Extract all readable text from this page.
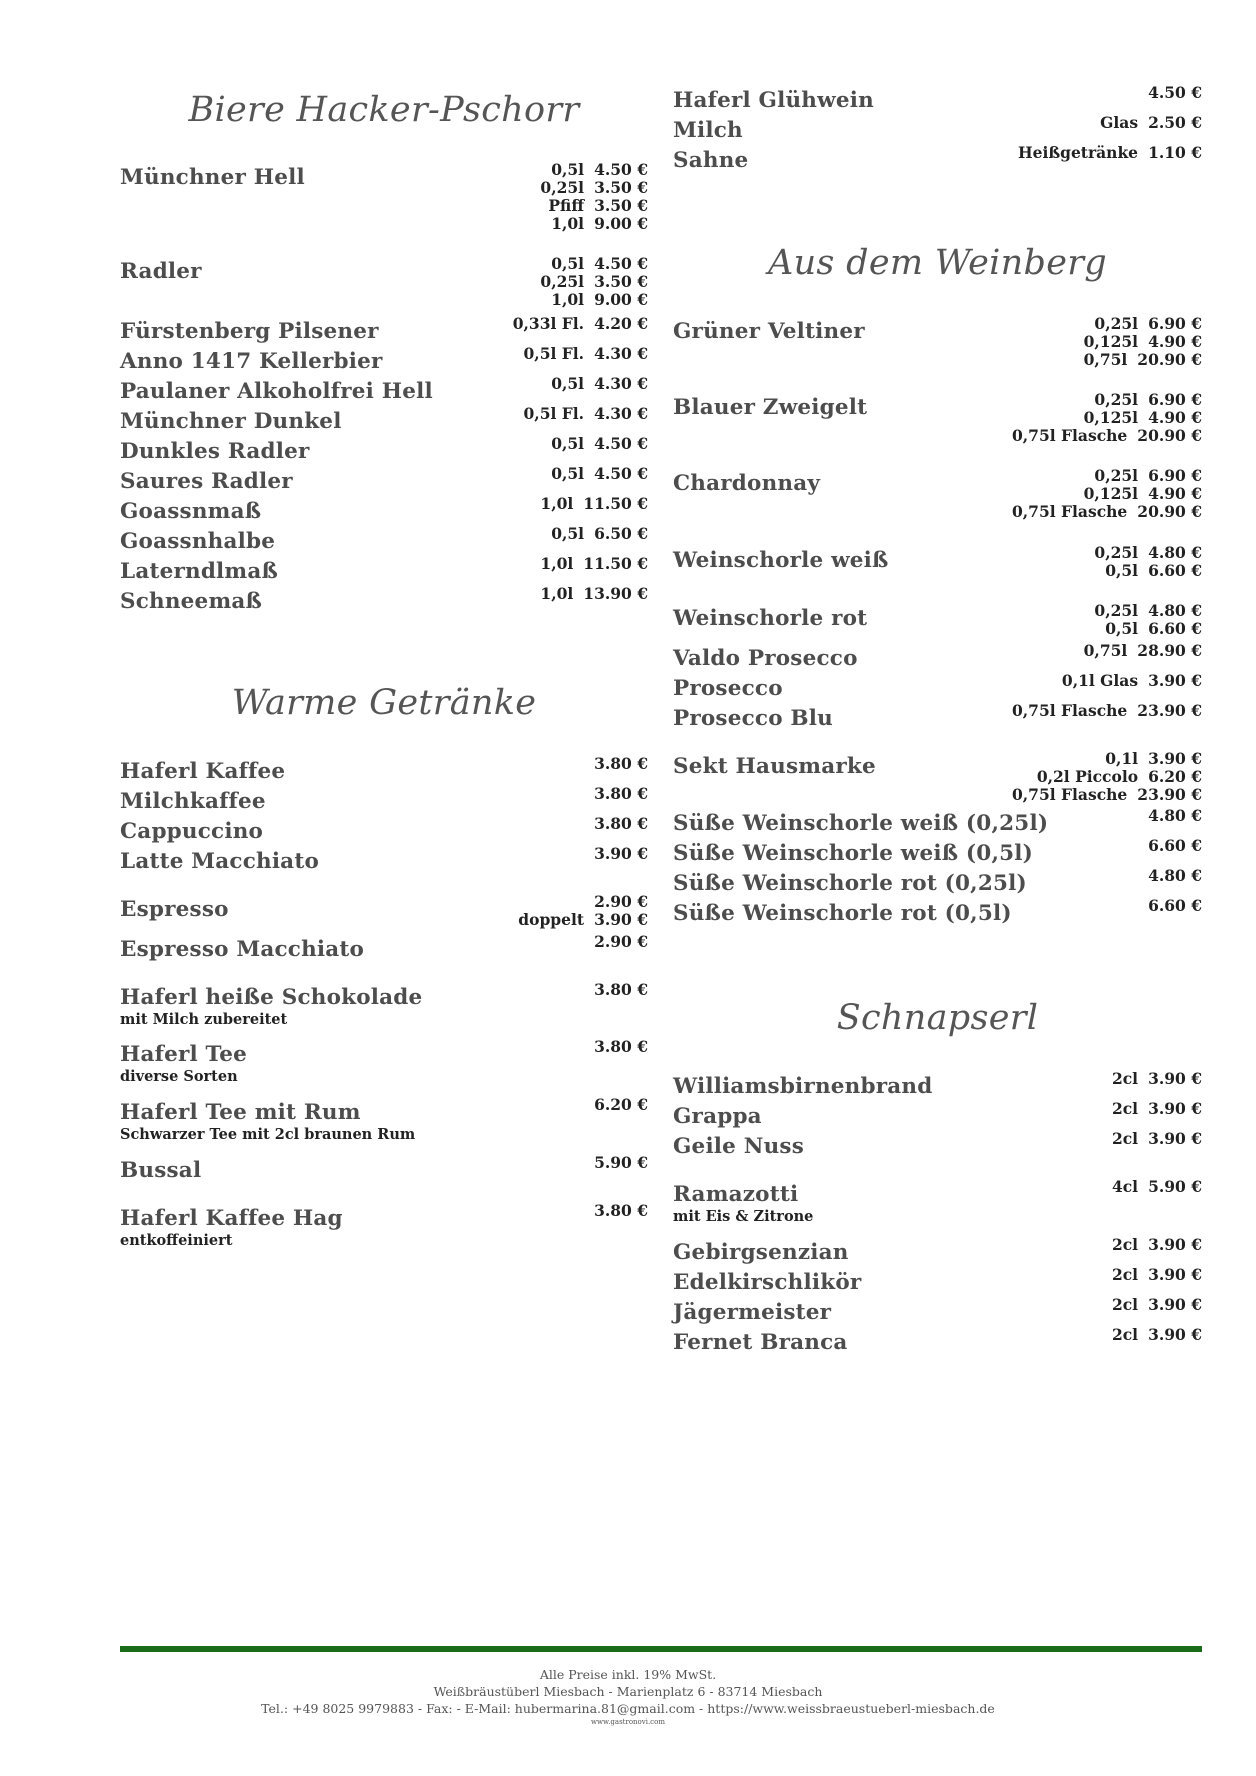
Biere Hacker-Pschorr
Münchner Hell	0,5l 4.50 €
0,25l 3.50 €
Pfiff 3.50 €
1,0l 9.00 €
Radler	0,5l 4.50 €
0,25l 3.50 €
1,0l 9.00 €
Fürstenberg Pilsener	0,33l Fl. 4.20 €
Anno 1417 Kellerbier	0,5l Fl. 4.30 €
Paulaner Alkoholfrei Hell	0,5l 4.30 €
Münchner Dunkel	0,5l Fl. 4.30 €
Dunkles Radler	0,5l 4.50 €
Saures Radler	0,5l 4.50 €
Goassnmaß	1,0l 11.50 €
Goassnhalbe	0,5l 6.50 €
Laterndlmaß	1,0l 11.50 €
Schneemaß	1,0l 13.90 €
Warme Getränke
Haferl Kaffee	3.80 €
Milchkaffee	3.80 €
Cappuccino	3.80 €
Latte Macchiato	3.90 €
Espresso	2.90 €
doppelt 3.90 €
Espresso Macchiato	2.90 €
Haferl heiße Schokolade
mit Milch zubereitet
3.80 €
Haferl Tee
diverse Sorten
3.80 €
Haferl Tee mit Rum
Schwarzer Tee mit 2cl braunen Rum
6.20 €
Bussal	5.90 €
Haferl Kaffee Hag
entkoffeiniert
3.80 €
Haferl Glühwein	4.50 €
Milch	Glas 2.50 €
Sahne	Heißgetränke 1.10 €
Aus dem Weinberg
Grüner Veltiner	0,25l 6.90 €
0,125l 4.90 €
0,75l 20.90 €
Blauer Zweigelt	0,25l 6.90 €
0,125l 4.90 €
0,75l Flasche 20.90 €
Chardonnay	0,25l 6.90 €
0,125l 4.90 €
0,75l Flasche 20.90 €
Weinschorle weiß	0,25l 4.80 €
0,5l 6.60 €
Weinschorle rot	0,25l 4.80 €
0,5l 6.60 €
Valdo Prosecco	0,75l 28.90 €
Prosecco	0,1l Glas 3.90 €
Prosecco Blu	0,75l Flasche 23.90 €
Sekt Hausmarke	0,1l 3.90 €
0,2l Piccolo 6.20 €
0,75l Flasche 23.90 €
Süße Weinschorle weiß (0,25l)	4.80 €
Süße Weinschorle weiß (0,5l)	6.60 €
Süße Weinschorle rot (0,25l)	4.80 €
Süße Weinschorle rot (0,5l)	6.60 €
Schnapserl
Williamsbirnenbrand	2cl 3.90 €
Grappa	2cl 3.90 €
Geile Nuss	2cl 3.90 €
Ramazotti
mit Eis & Zitrone
4cl 5.90 €
Gebirgsenzian	2cl 3.90 €
Edelkirschlikör	2cl 3.90 €
Jägermeister	2cl 3.90 €
Fernet Branca	2cl 3.90 €
Alle Preise inkl. 19% MwSt.
Weißbräustüberl Miesbach - Marienplatz 6 - 83714 Miesbach
Tel.: +49 8025 9979883 - Fax: - E-Mail: hubermarina.81@gmail.com - https://www.weissbraeustueberl-miesbach.de
www.gastronovi.com
